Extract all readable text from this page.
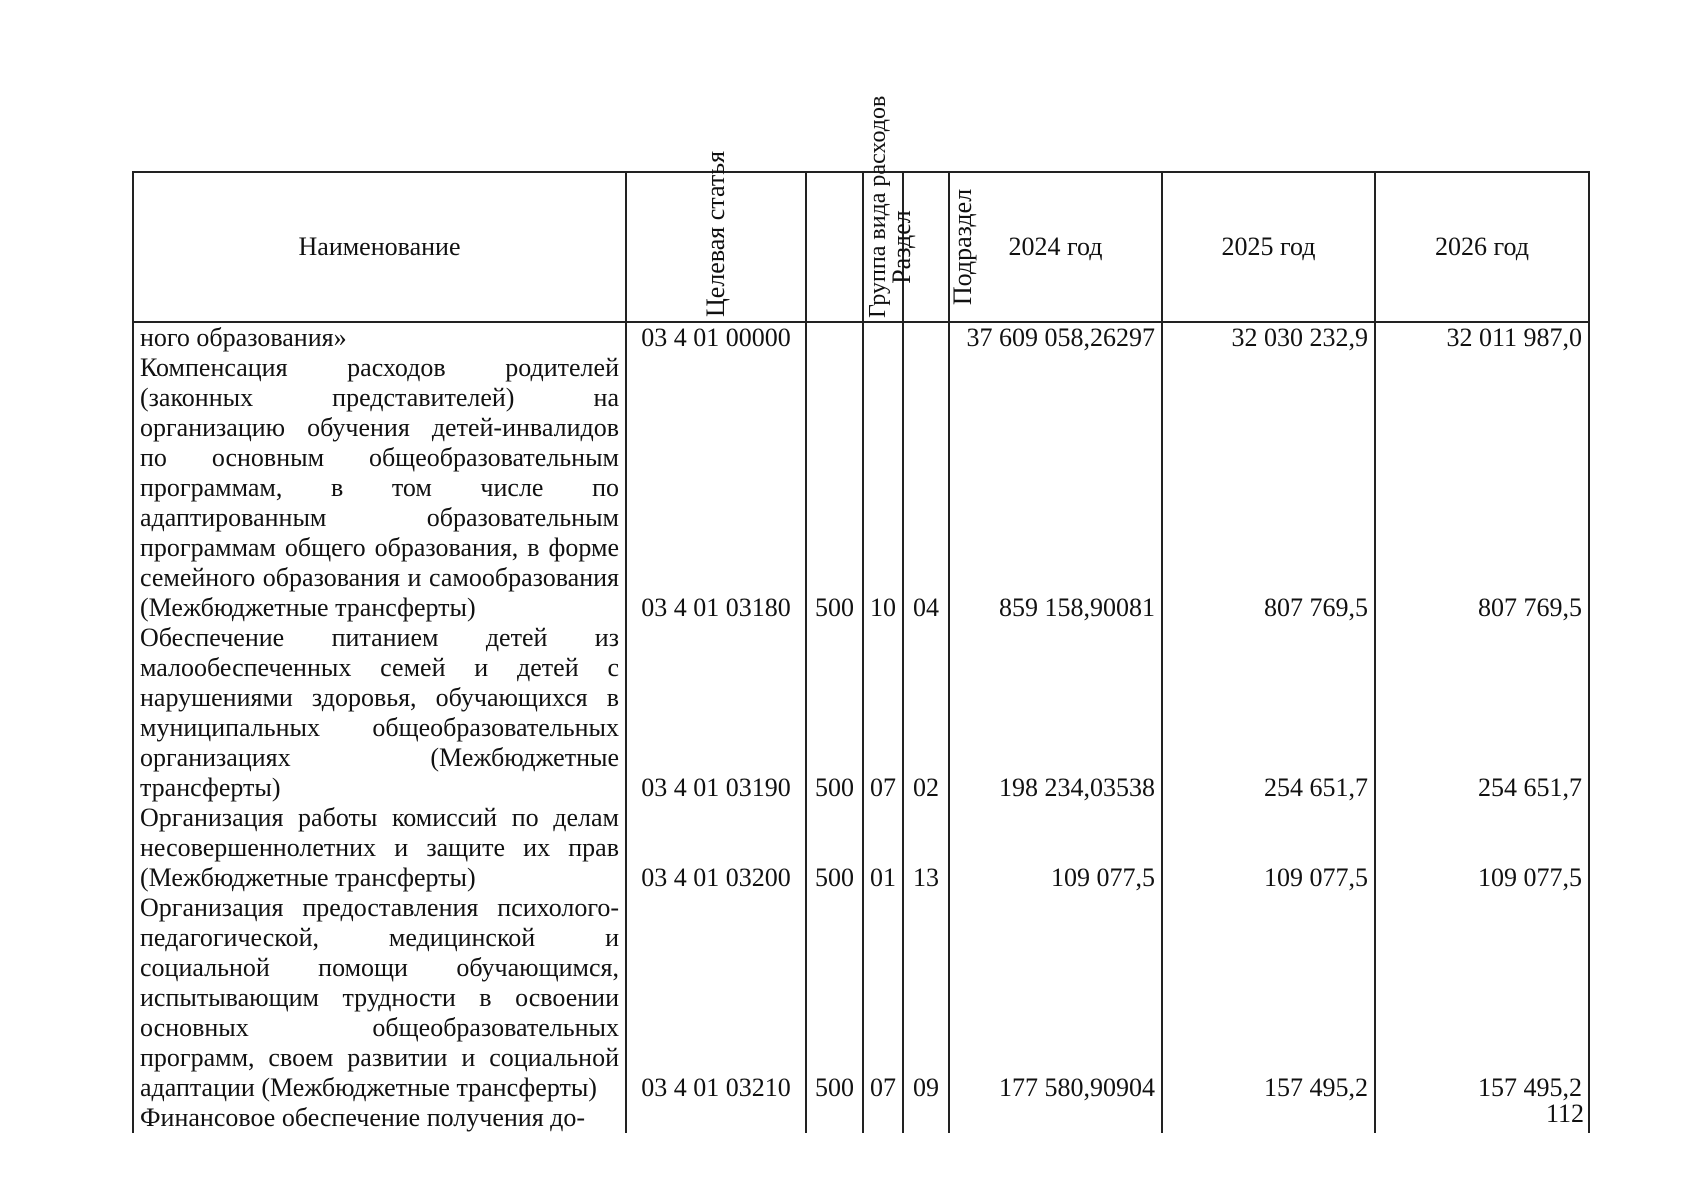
Наименование	Целевая статья	Группа вида расходов	Раздел	Подраздел	2024 год	2025 год	2026 год
ного образования»	03 4 01 00000				37 609 058,26297	32 030 232,9	32 011 987,0
Компенсация расходов родителей (законных представителей) на организацию обучения детей-инвалидов по основным общеобразовательным программам, в том числе по адаптированным образовательным программам общего образования, в форме семейного образования и самообразования (Межбюджетные трансферты)	03 4 01 03180	500	10	04	859 158,90081	807 769,5	807 769,5
Обеспечение питанием детей из малообеспеченных семей и детей с нарушениями здоровья, обучающихся в муниципальных общеобразовательных организациях (Межбюджетные трансферты)	03 4 01 03190	500	07	02	198 234,03538	254 651,7	254 651,7
Организация работы комиссий по делам несовершеннолетних и защите их прав (Межбюджетные трансферты)	03 4 01 03200	500	01	13	109 077,5	109 077,5	109 077,5
Организация предоставления психолого-педагогической, медицинской и социальной помощи обучающимся, испытывающим трудности в освоении основных общеобразовательных программ, своем развитии и социальной адаптации (Межбюджетные трансферты)	03 4 01 03210	500	07	09	177 580,90904	157 495,2	157 495,2
Финансовое обеспечение получения до-								112
